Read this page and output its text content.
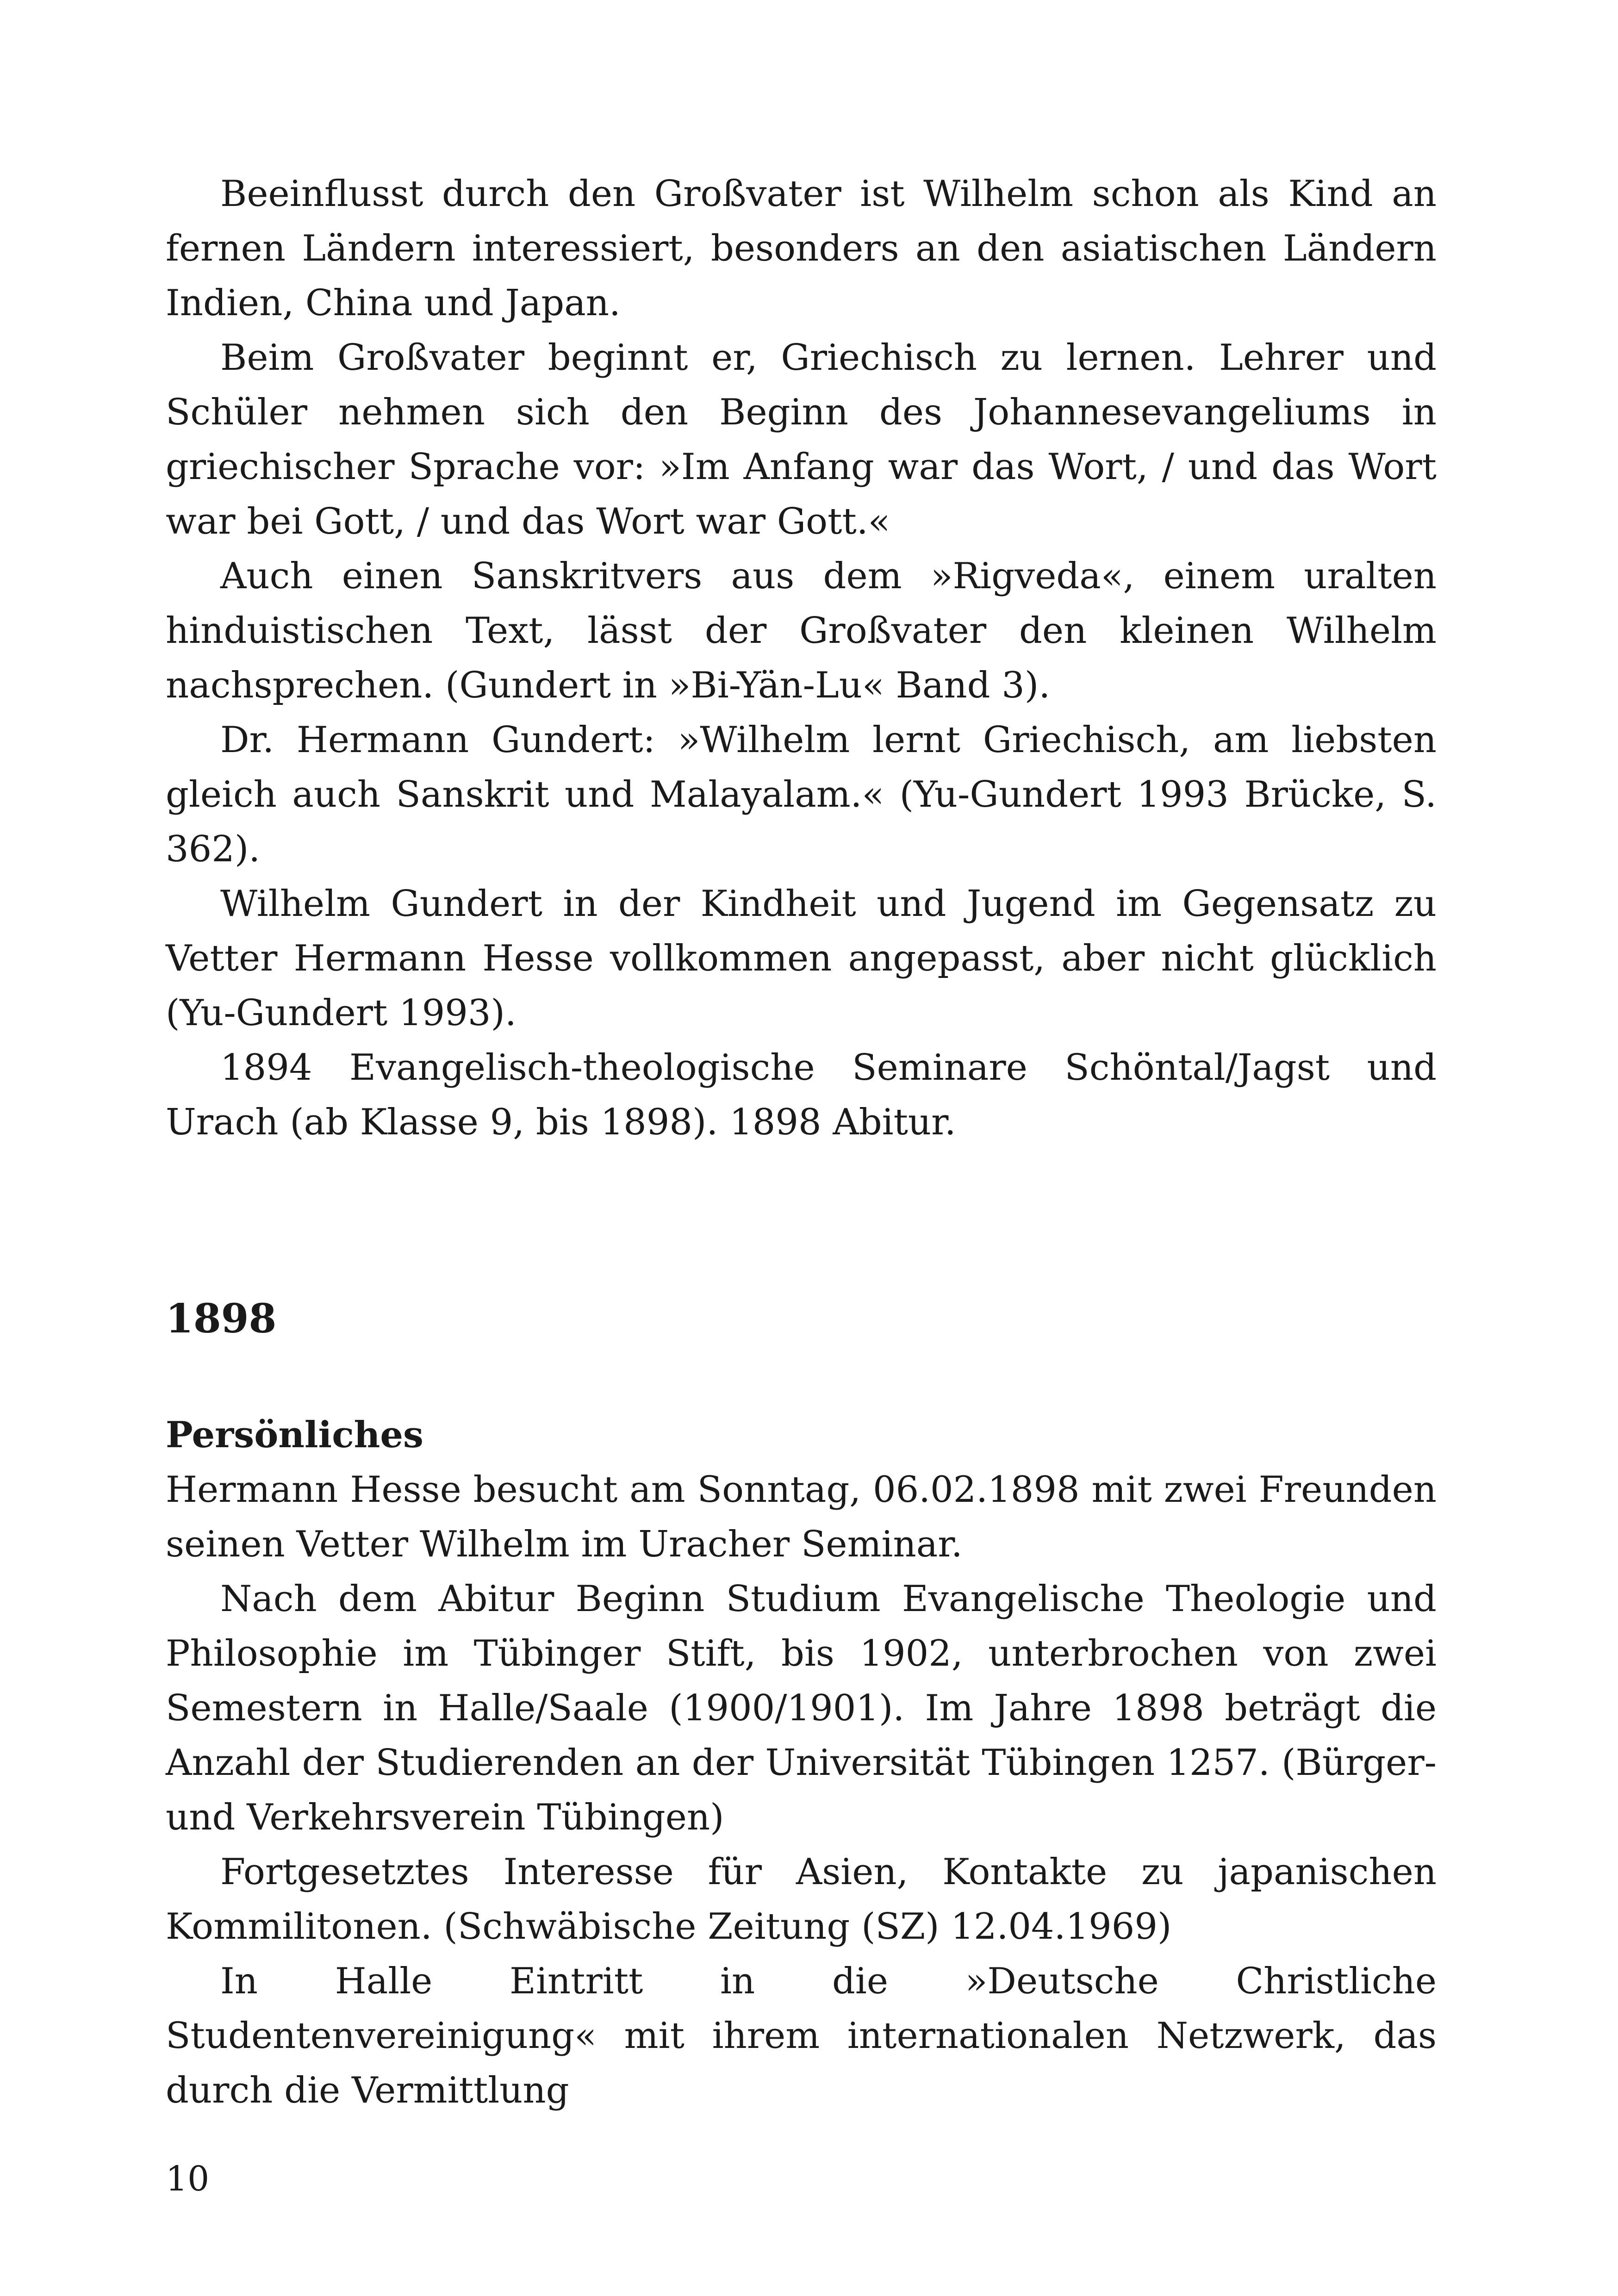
Beeinflusst durch den Großvater ist Wilhelm schon als Kind an fernen Ländern interessiert, besonders an den asiatischen Ländern Indien, China und Japan.

Beim Großvater beginnt er, Griechisch zu lernen. Lehrer und Schüler nehmen sich den Beginn des Johannesevangeliums in griechischer Sprache vor: »Im Anfang war das Wort, / und das Wort war bei Gott, / und das Wort war Gott.«

Auch einen Sanskritvers aus dem »Rigveda«, einem uralten hinduistischen Text, lässt der Großvater den kleinen Wilhelm nachsprechen. (Gundert in »Bi-Yän-Lu« Band 3).

Dr. Hermann Gundert: »Wilhelm lernt Griechisch, am liebsten gleich auch Sanskrit und Malayalam.« (Yu-Gundert 1993 Brücke, S. 362).

Wilhelm Gundert in der Kindheit und Jugend im Gegensatz zu Vetter Hermann Hesse vollkommen angepasst, aber nicht glücklich (Yu-Gundert 1993).

1894 Evangelisch-theologische Seminare Schöntal/Jagst und Urach (ab Klasse 9, bis 1898). 1898 Abitur.

1898
Persönliches

Hermann Hesse besucht am Sonntag, 06.02.1898 mit zwei Freunden seinen Vetter Wilhelm im Uracher Seminar.

Nach dem Abitur Beginn Studium Evangelische Theologie und Philosophie im Tübinger Stift, bis 1902, unterbrochen von zwei Semestern in Halle/Saale (1900/1901). Im Jahre 1898 beträgt die Anzahl der Studierenden an der Universität Tübingen 1257. (Bürger- und Verkehrsverein Tübingen)

Fortgesetztes Interesse für Asien, Kontakte zu japanischen Kommilitonen. (Schwäbische Zeitung (SZ) 12.04.1969)

In Halle Eintritt in die »Deutsche Christliche Studentenvereinigung« mit ihrem internationalen Netzwerk, das durch die Vermittlung

10
